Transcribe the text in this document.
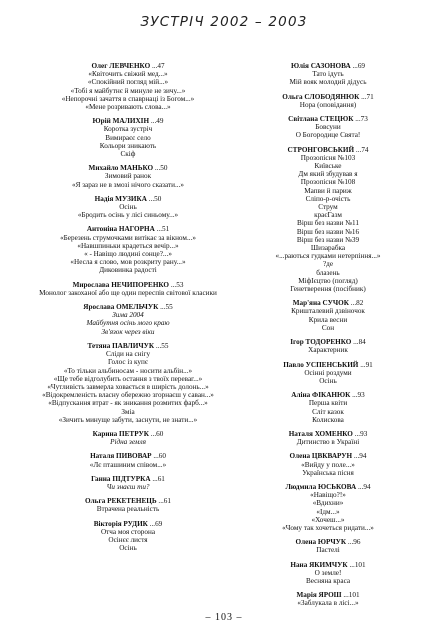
ЗУСТРІЧ 2002 – 2003
Олег ЛЕВЧЕНКО ...47
«Квіточить свіжий мед...»
«Спокійний погляд мій...»
«Тобі я майбутнє й минуле не зичу...»
«Непорочні зачаття в спаврнаці із Богом...»
«Мене розривають слова...»
Юрій МАЛИХІН ...49
Коротка зустріч
Вимираєє село
Кольори зникають
Скіф
Михайло МАНЬКО ...50
Зимовий ранок
«Я зараз не в змозі нічого сказати...»
Надія МУЗИКА ...50
Осінь
«Бродить осінь у лісі синьому...»
Антоніна НАГОРНА ...51
«Березень струмочками витікає за вікном...»
«Навшпиньки крадеться вечір...»
« - Навіщо людині сонце?...»
«Несла я слово, мов розкриту рану...»
Диковинка радості
Мирослава НЕЧИПОРЕНКО ...53
Монолог закоханої або ще один переспів світової класики
Ярослава ОМЕЛЬЧУК ...55
Зима 2004
Майбутня осінь мого краю
Зв'язок через віки
Тетяна ПАВЛИЧУК ...55
Сліди на снігу
Голос із купє
«То тільки альбиносам - носити альбін...»
«Ще тебе відголубить остання з твоїх переваг...»
«Чутливість завмерла ховається в ширість долонь...»
«Відокремленість власну обережно згорнаєш у саван...»
«Відпускання втрат - як зникання розмитих фарб...»
Зміа
«Зичить минуще забути, заснути, не знати...»
Карина ПЕТРУК ...60
Рідна земля
Наталя ПИВОВАР ...60
«Лє пташиним співом...»
Ганна ПІДТУРКА ...61
Чи знаєш ти?
Ольга РЕКЕТЕНЕЦЬ ...61
Втрачена реальність
Вікторія РУДИК ...69
Отча моя сторона
Осінєє листя
Осінь
Юлія САЗОНОВА ...69
Тато ідуть
Мій вояк молодий дідусь
Ольга СЛОБОДЯНЮК ...71
Нора (оповідання)
Світлана СТЕЦЮК ...73
Бовсуни
О Богородице Свята!
СТРОНГОВСЬКИЙ ...74
Прозопісня №103
Київське
Дм який збудував я
Прозопісня №108
Мапви й париж
Сліпо-р-очість
Струм
краєГазм
Вірш без назви №11
Вірш без назви №16
Вірш без назви №39
Шизарабка
«...раються гудками нетерпіння...»
?де
блазень
МіфІєцтво (погляд)
Генетверення (посібник)
Мар'яна СУЧОК ...82
Кришталевий дзвіночок
Крила весни
Сон
Ігор ТОДОРЕНКО ...84
Характерник
Павло УСПЕНСЬКИЙ ...91
Осінні роздуми
Осінь
Аліна ФІКАНЮК ...93
Перша квіти
Сліт казок
Колискова
Наталя ХОМЕНКО ...93
Дитинство в Україні
Олена ЦВКВАРУН ...94
«Вийду у поле...»
Українська пісня
Людмила ЮСЬКОВА ...94
«Навіщо?!»
«Вдихни»
«Ідм...»
«Хочеш...»
«Чому так хочеться ридати...»
Олена ЮРЧУК ...96
Пастелі
Нана ЯКИМЧУК ...101
О земле!
Весняна краса
Марія ЯРОШ ...101
«Заблукала в лісі...»
– 103 –
